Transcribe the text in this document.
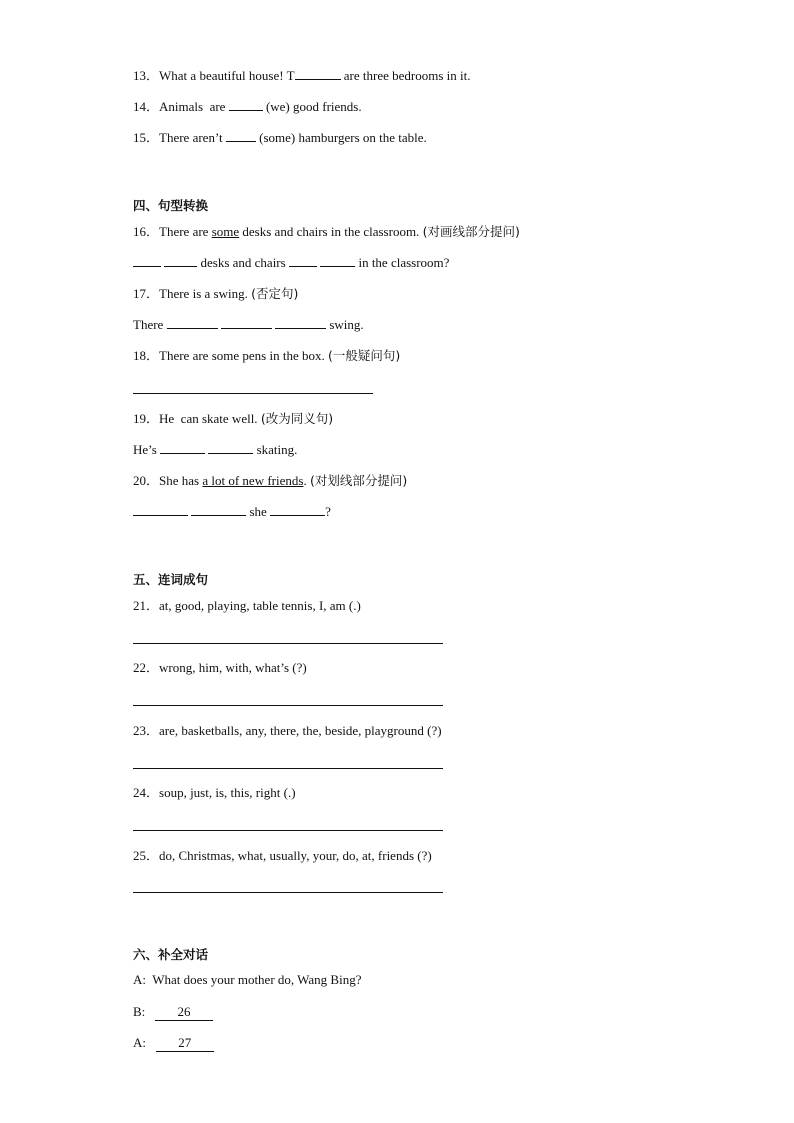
13．What a beautiful house! T	are three bedrooms in it.
14．Animals  are	(we) good friends.
15．There aren’t  (some) hamburgers on the table.
四、句型转换
16．There are some desks and chairs in the classroom. (对画线部分提问)
desks and chairs	in the classroom?
17．There is a swing. (否定句)
There	swing.
18．There are some pens in the box. (一般疑问句)
19．He  can skate well. (改为同义句)
He’s	skating.
20．She has a lot of new friends. (对划线部分提问)
she	?
五、连词成句
21．at, good, playing, table tennis, I, am (.)
22．wrong, him, with, what’s (?)
23．are, basketballs, any, there, the, beside, playground (?)
24．soup, just, is, this, right (.)
25．do, Christmas, what, usually, your, do, at, friends (?)
六、补全对话
A: What does your mother do, Wang Bing?
B: 26
A: 27
